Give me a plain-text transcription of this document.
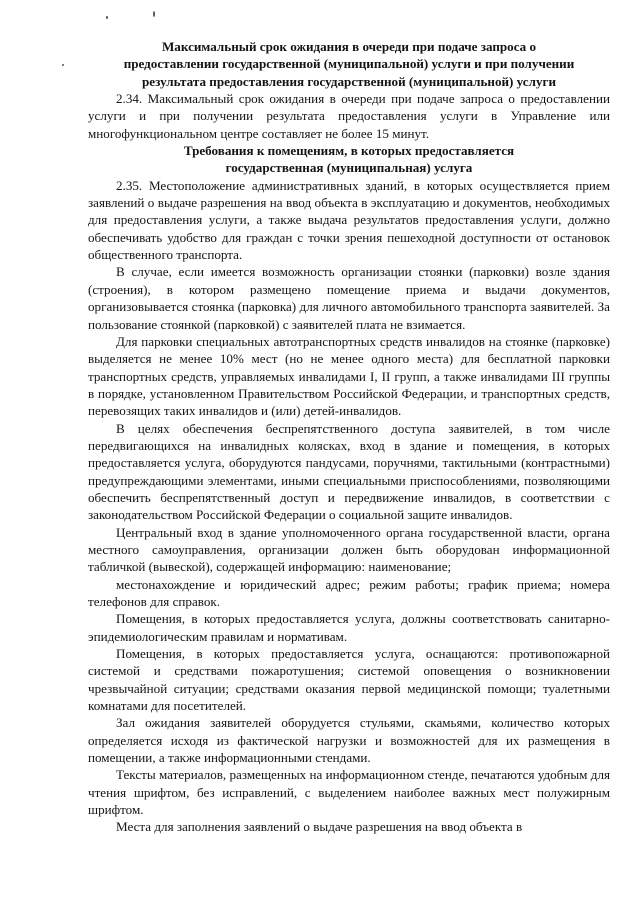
Максимальный срок ожидания в очереди при подаче запроса о
предоставлении государственной (муниципальной) услуги и при получении
результата предоставления государственной (муниципальной) услуги

2.34. Максимальный срок ожидания в очереди при подаче запроса о предоставлении услуги и при получении результата предоставления услуги в Управление или многофункциональном центре составляет не более 15 минут.

Требования к помещениям, в которых предоставляется
государственная (муниципальная) услуга

2.35. Местоположение административных зданий, в которых осуществляется прием заявлений о выдаче разрешения на ввод объекта в эксплуатацию и документов, необходимых для предоставления услуги, а также выдача результатов предоставления услуги, должно обеспечивать удобство для граждан с точки зрения пешеходной доступности от остановок общественного транспорта.

В случае, если имеется возможность организации стоянки (парковки) возле здания (строения), в котором размещено помещение приема и выдачи документов, организовывается стоянка (парковка) для личного автомобильного транспорта заявителей. За пользование стоянкой (парковкой) с заявителей плата не взимается.

Для парковки специальных автотранспортных средств инвалидов на стоянке (парковке) выделяется не менее 10% мест (но не менее одного места) для бесплатной парковки транспортных средств, управляемых инвалидами I, II групп, а также инвалидами III группы в порядке, установленном Правительством Российской Федерации, и транспортных средств, перевозящих таких инвалидов и (или) детей-инвалидов.

В целях обеспечения беспрепятственного доступа заявителей, в том числе передвигающихся на инвалидных колясках, вход в здание и помещения, в которых предоставляется услуга, оборудуются пандусами, поручнями, тактильными (контрастными) предупреждающими элементами, иными специальными приспособлениями, позволяющими обеспечить беспрепятственный доступ и передвижение инвалидов, в соответствии с законодательством Российской Федерации о социальной защите инвалидов.

Центральный вход в здание уполномоченного органа государственной власти, органа местного самоуправления, организации должен быть оборудован информационной табличкой (вывеской), содержащей информацию: наименование;

местонахождение и юридический адрес; режим работы; график приема; номера телефонов для справок.

Помещения, в которых предоставляется услуга, должны соответствовать санитарно-эпидемиологическим правилам и нормативам.

Помещения, в которых предоставляется услуга, оснащаются: противопожарной системой и средствами пожаротушения; системой оповещения о возникновении чрезвычайной ситуации; средствами оказания первой медицинской помощи; туалетными комнатами для посетителей.

Зал ожидания заявителей оборудуется стульями, скамьями, количество которых определяется исходя из фактической нагрузки и возможностей для их размещения в помещении, а также информационными стендами.

Тексты материалов, размещенных на информационном стенде, печатаются удобным для чтения шрифтом, без исправлений, с выделением наиболее важных мест полужирным шрифтом.

Места для заполнения заявлений о выдаче разрешения на ввод объекта в
